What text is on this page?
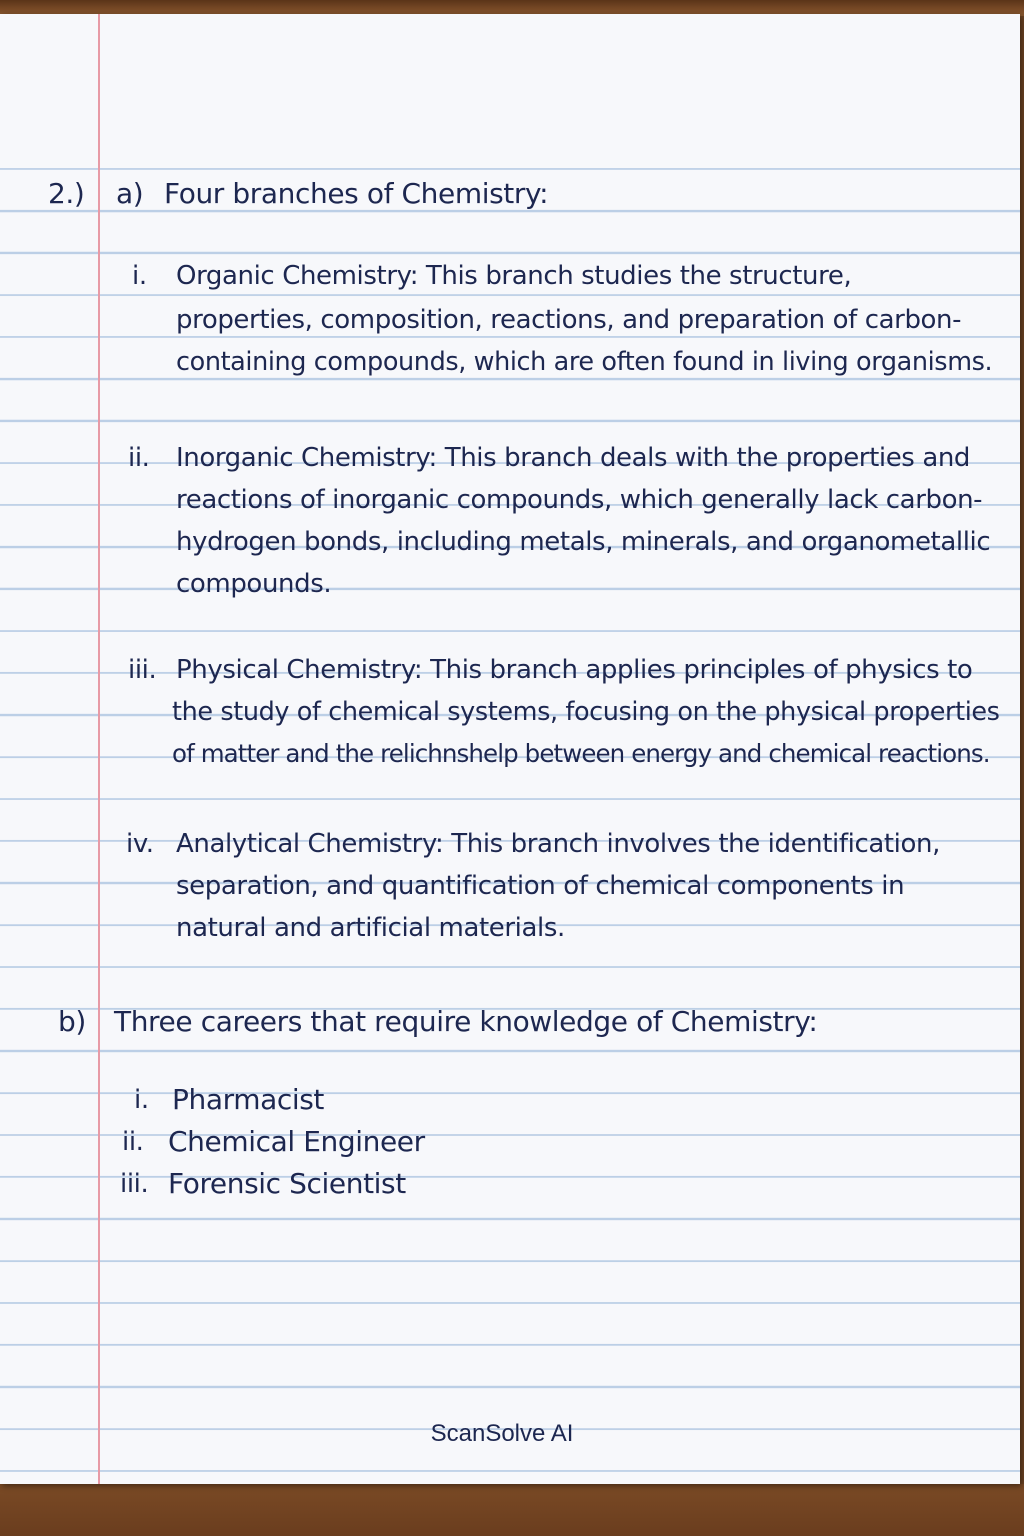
2.) a) Four branches of Chemistry:
i. Organic Chemistry: This branch studies the structure,
properties, composition, reactions, and preparation of carbon-
containing compounds, which are often found in living organisms.
ii. Inorganic Chemistry: This branch deals with the properties and
reactions of inorganic compounds, which generally lack carbon-
hydrogen bonds, including metals, minerals, and organometallic
compounds.
iii. Physical Chemistry: This branch applies principles of physics to
the study of chemical systems, focusing on the physical properties
of matter and the relichnshelp between energy and chemical reactions.
iv. Analytical Chemistry: This branch involves the identification,
separation, and quantification of chemical components in
natural and artificial materials.
b) Three careers that require knowledge of Chemistry:
i. Pharmacist
ii. Chemical Engineer
iii. Forensic Scientist
ScanSolve AI
